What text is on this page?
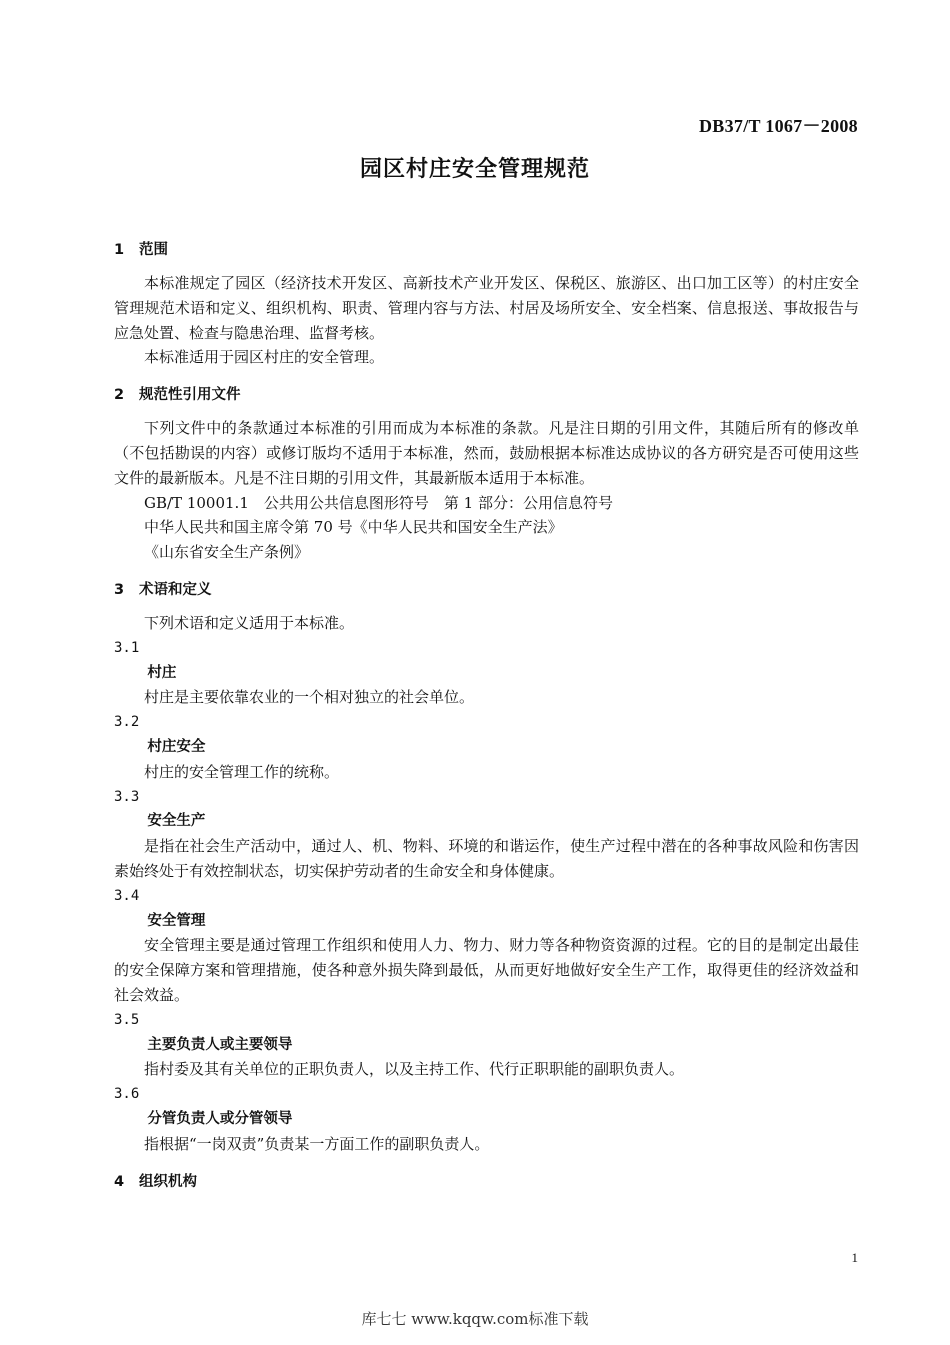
DB37/T 1067－2008
园区村庄安全管理规范
1 范围

本标准规定了园区（经济技术开发区、高新技术产业开发区、保税区、旅游区、出口加工区等）的村庄安全管理规范术语和定义、组织机构、职责、管理内容与方法、村居及场所安全、安全档案、信息报送、事故报告与应急处置、检查与隐患治理、监督考核。

本标准适用于园区村庄的安全管理。

2 规范性引用文件

下列文件中的条款通过本标准的引用而成为本标准的条款。凡是注日期的引用文件，其随后所有的修改单（不包括勘误的内容）或修订版均不适用于本标准，然而，鼓励根据本标准达成协议的各方研究是否可使用这些文件的最新版本。凡是不注日期的引用文件，其最新版本适用于本标准。

GB/T 10001.1　公共用公共信息图形符号　第 1 部分：公用信息符号
中华人民共和国主席令第 70 号《中华人民共和国安全生产法》
《山东省安全生产条例》
3 术语和定义

下列术语和定义适用于本标准。

3.1
村庄

村庄是主要依靠农业的一个相对独立的社会单位。

3.2
村庄安全

村庄的安全管理工作的统称。

3.3
安全生产

是指在社会生产活动中，通过人、机、物料、环境的和谐运作，使生产过程中潜在的各种事故风险和伤害因素始终处于有效控制状态，切实保护劳动者的生命安全和身体健康。

3.4
安全管理

安全管理主要是通过管理工作组织和使用人力、物力、财力等各种物资资源的过程。它的目的是制定出最佳的安全保障方案和管理措施，使各种意外损失降到最低，从而更好地做好安全生产工作，取得更佳的经济效益和社会效益。

3.5
主要负责人或主要领导

指村委及其有关单位的正职负责人，以及主持工作、代行正职职能的副职负责人。

3.6
分管负责人或分管领导

指根据“一岗双责”负责某一方面工作的副职负责人。

4 组织机构
1
库七七 www.kqqw.com标准下载
